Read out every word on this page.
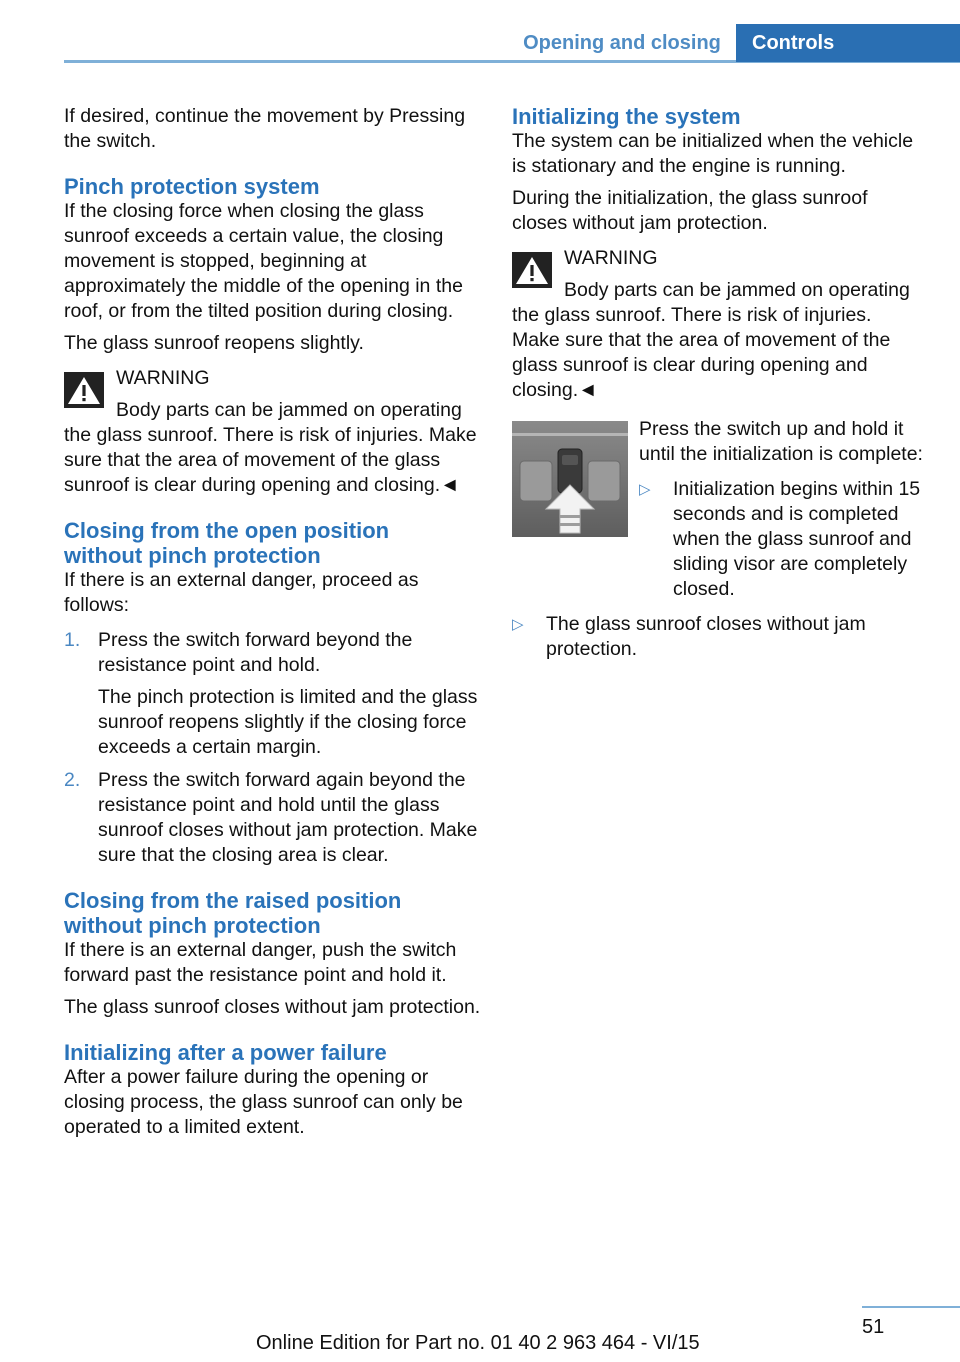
Opening and closing	Controls

If desired, continue the movement by Pressing the switch.

Pinch protection system

If the closing force when closing the glass sunroof exceeds a certain value, the closing movement is stopped, beginning at approximately the middle of the opening in the roof, or from the tilted position during closing.

The glass sunroof reopens slightly.

WARNING

Body parts can be jammed on operating the glass sunroof. There is risk of injuries. Make sure that the area of movement of the glass sunroof is clear during opening and closing.◄

Closing from the open position
without pinch protection

If there is an external danger, proceed as follows:

1. Press the switch forward beyond the resistance point and hold.
The pinch protection is limited and the glass sunroof reopens slightly if the closing force exceeds a certain margin.
2. Press the switch forward again beyond the resistance point and hold until the glass sunroof closes without jam protection. Make sure that the closing area is clear.
Closing from the raised position
without pinch protection

If there is an external danger, push the switch forward past the resistance point and hold it.

The glass sunroof closes without jam protection.

Initializing after a power failure

After a power failure during the opening or closing process, the glass sunroof can only be operated to a limited extent.

Initializing the system

The system can be initialized when the vehicle is stationary and the engine is running.

During the initialization, the glass sunroof closes without jam protection.

WARNING

Body parts can be jammed on operating the glass sunroof. There is risk of injuries. Make sure that the area of movement of the glass sunroof is clear during opening and closing.◄

Press the switch up and hold it until the initialization is complete:

▷ Initialization begins within 15 seconds and is completed when the glass sunroof and sliding visor are completely closed.
▷ The glass sunroof closes without jam protection.
51
Online Edition for Part no. 01 40 2 963 464 - VI/15
